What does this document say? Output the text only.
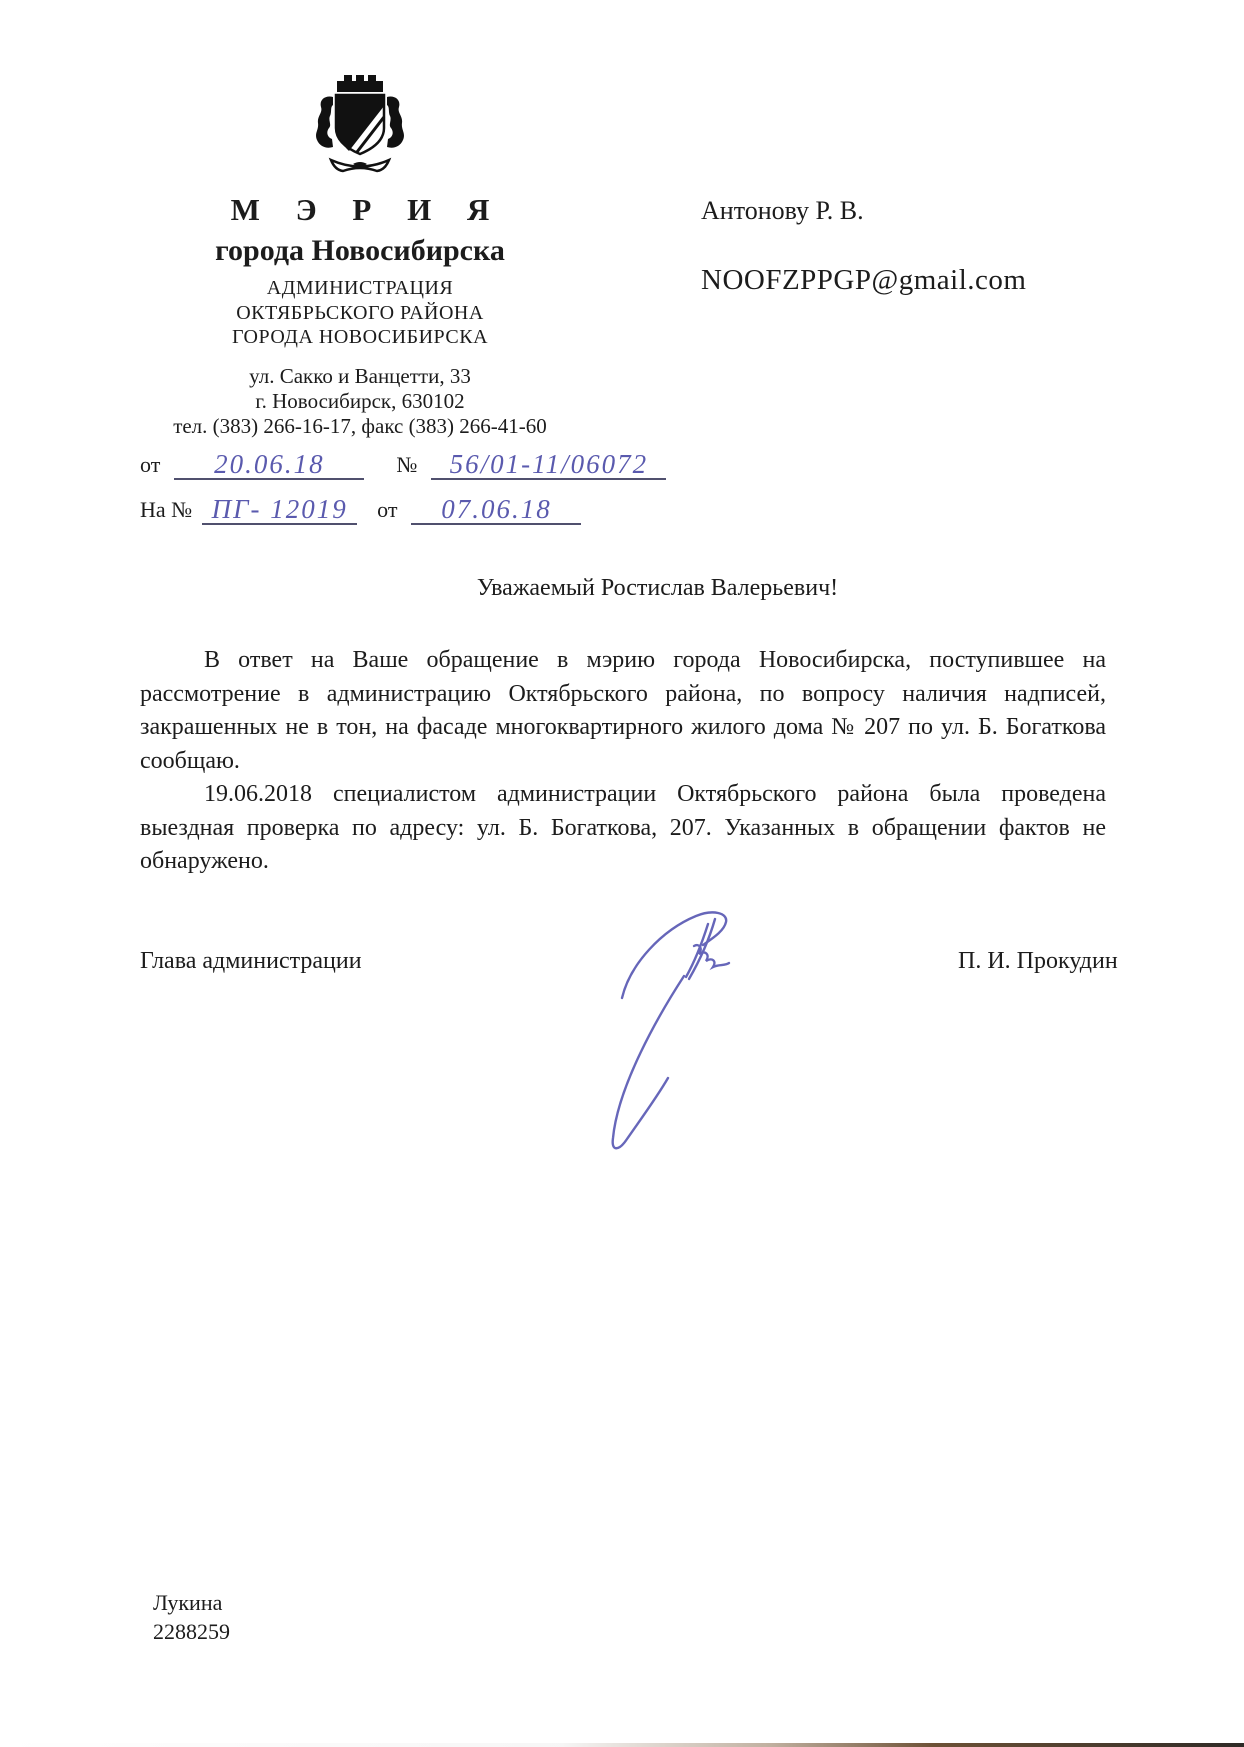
М Э Р И Я
города Новосибирска
АДМИНИСТРАЦИЯ
ОКТЯБРЬСКОГО РАЙОНА
ГОРОДА НОВОСИБИРСКА
ул. Сакко и Ванцетти, 33
г. Новосибирск, 630102
тел. (383) 266-16-17, факс (383) 266-41-60
от	20.06.18	№	56/01-11/06072
На № ПГ- 12019	от	07.06.18
Антонову Р. В.
NOOFZPPGP@gmail.com
Уважаемый Ростислав Валерьевич!

В ответ на Ваше обращение в мэрию города Новосибирска, поступившее на рассмотрение в администрацию Октябрьского района, по вопросу наличия надписей, закрашенных не в тон, на фасаде многоквартирного жилого дома № 207 по ул. Б. Богаткова сообщаю.

19.06.2018 специалистом администрации Октябрьского района была проведена выездная проверка по адресу: ул. Б. Богаткова, 207. Указанных в обращении фактов не обнаружено.

Глава администрации	П. И. Прокудин
Лукина
2288259
